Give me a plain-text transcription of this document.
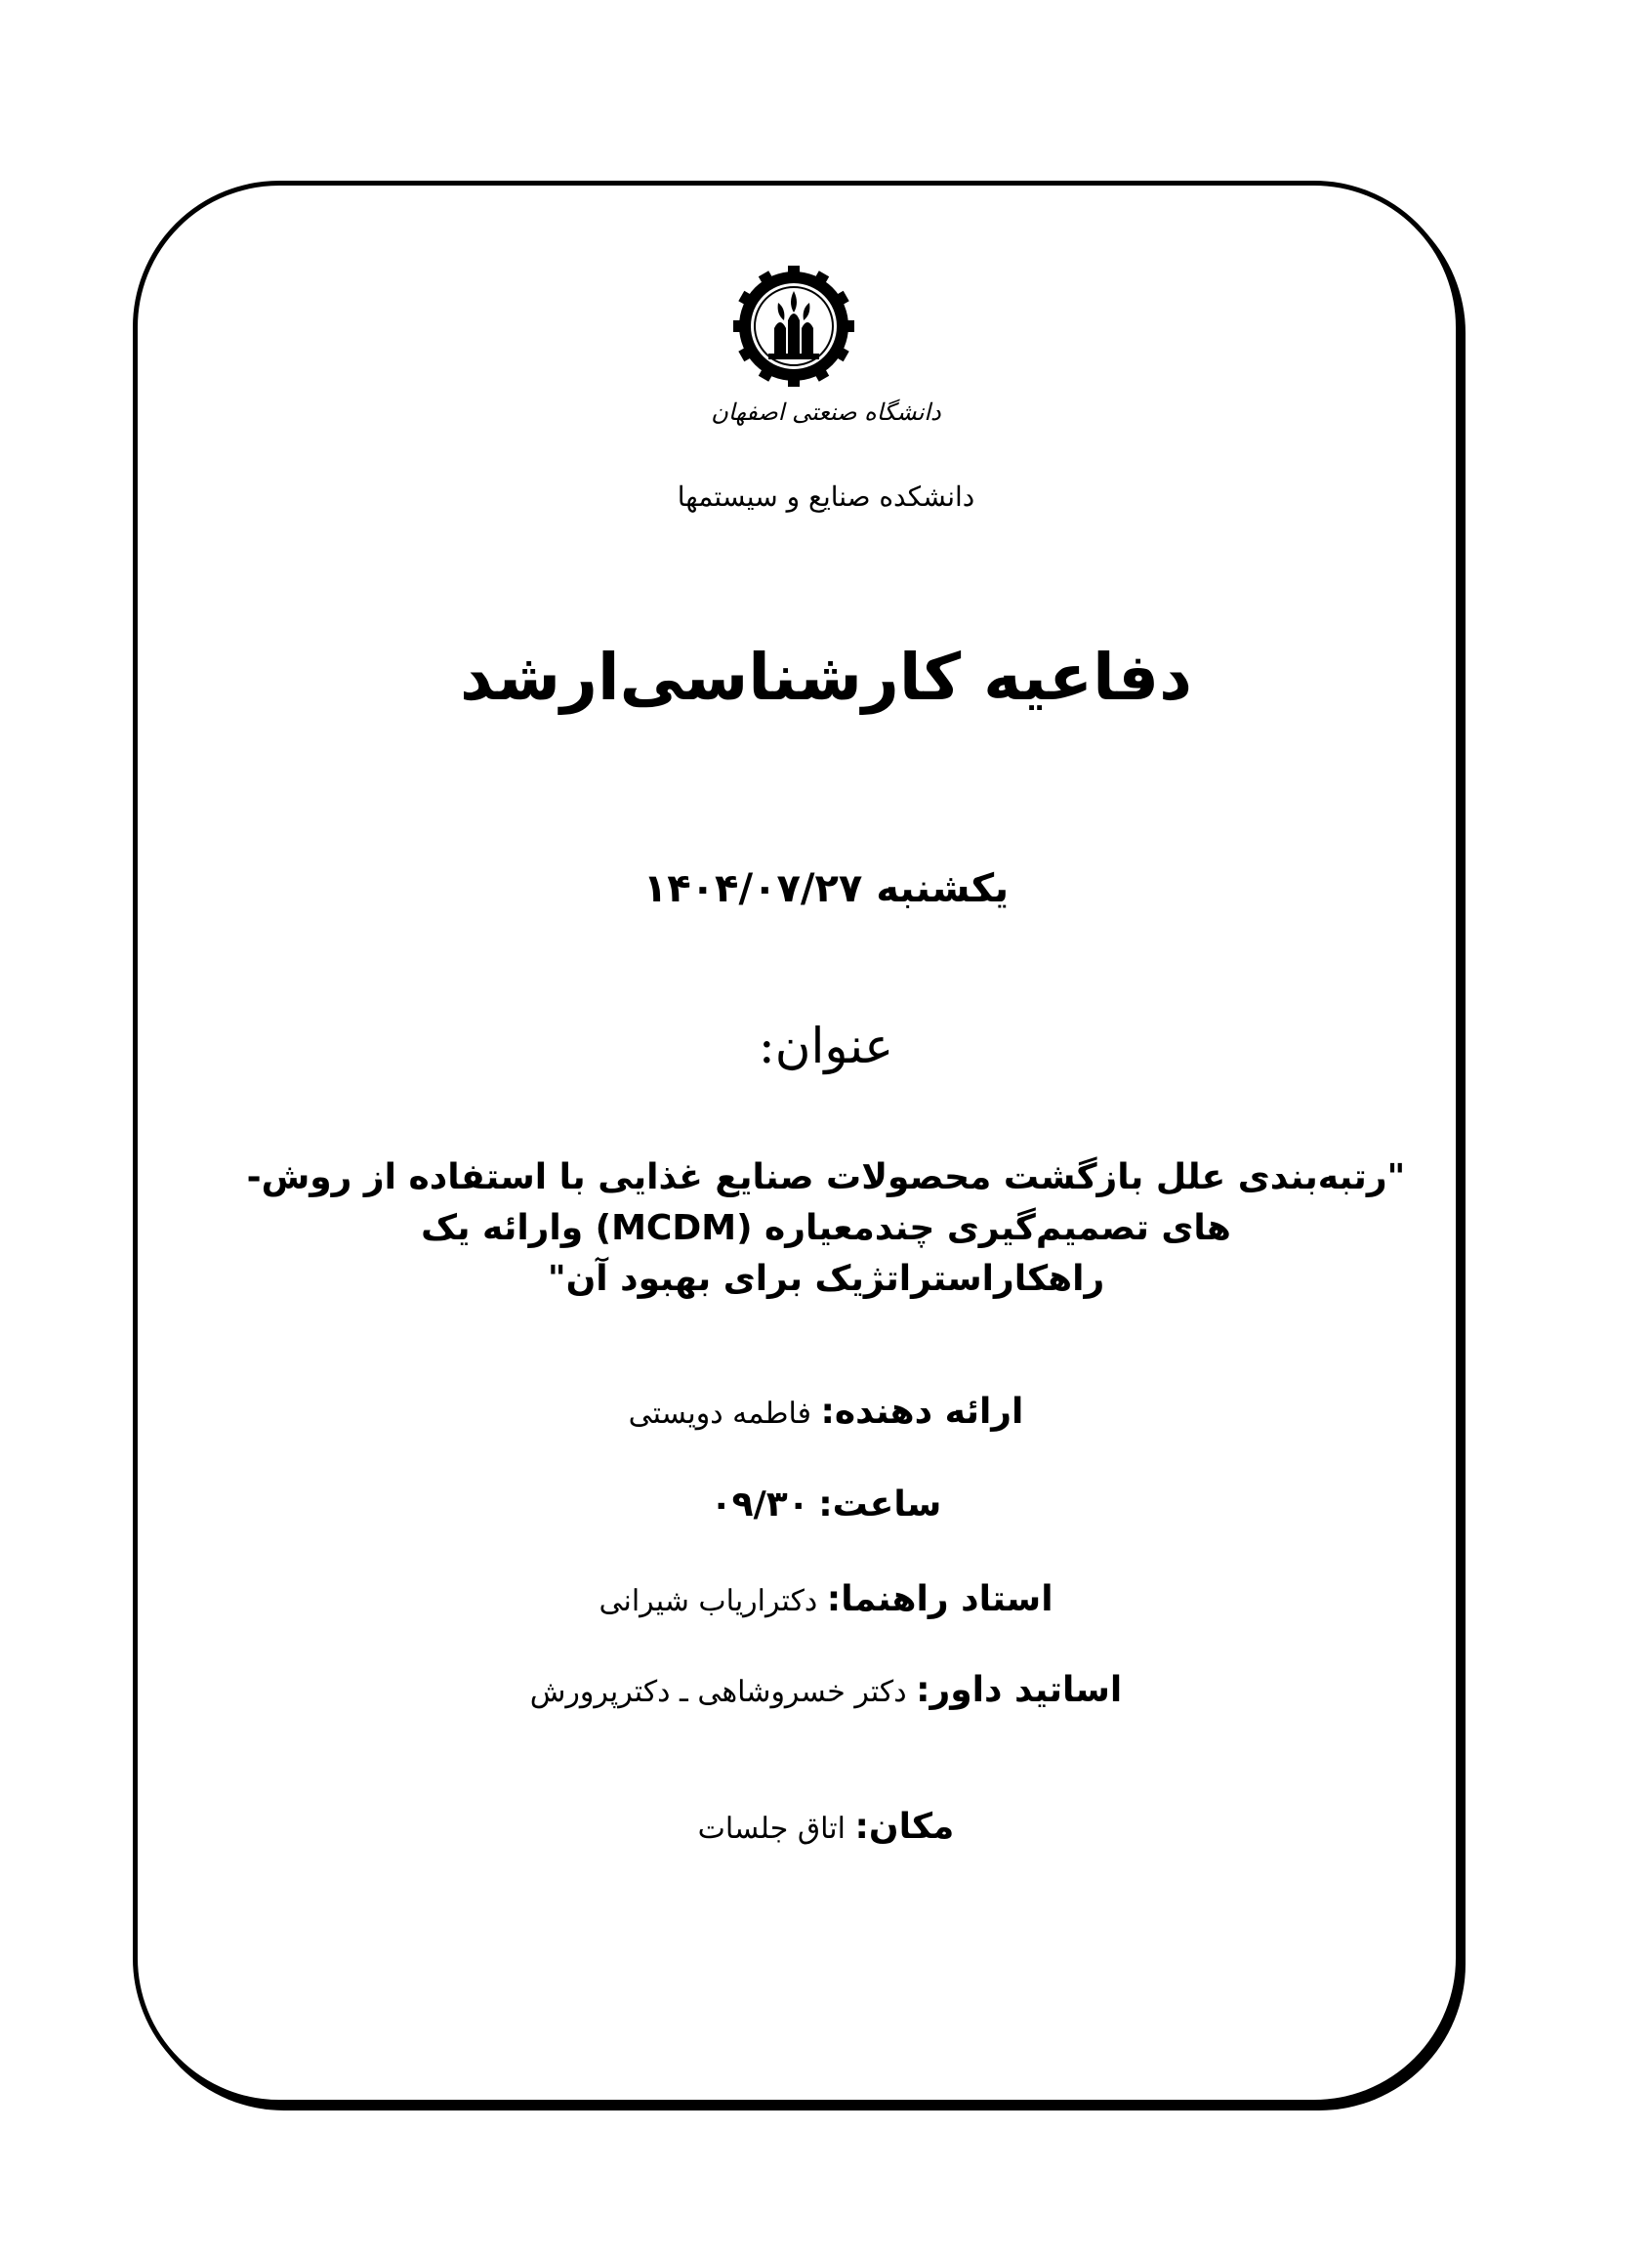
دانشگاه صنعتی اصفهان
دانشکده صنایع و سیستمها
دفاعیه کارشناسی‌ارشد
یکشنبه ۱۴۰۴/۰۷/۲۷
عنوان:
"رتبه‌بندی علل بازگشت محصولات صنایع غذایی با استفاده از روش-
های تصمیم‌گیری چندمعیاره (MCDM) وارائه یک
راهکاراستراتژیک برای بهبود آن"
ارائه دهنده: فاطمه دویستی
ساعت: ۰۹/۳۰
استاد راهنما: دکتراریاب شیرانی
اساتید داور: دکتر خسروشاهی ـ دکترپرورش
مکان: اتاق جلسات
